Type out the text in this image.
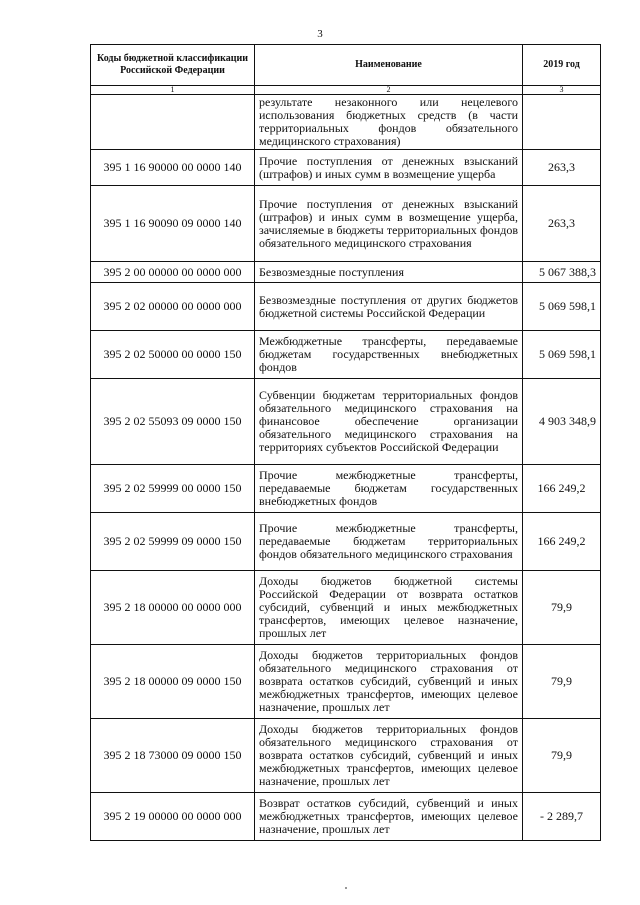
3
Коды бюджетной классификации Российской Федерации	Наименование	2019 год
1	2	3
	результате незаконного или нецелевого использования бюджетных средств (в части территориальных фондов обязательного медицинского страхования)	
395 1 16 90000 00 0000 140	Прочие поступления от денежных взысканий (штрафов) и иных сумм в возмещение ущерба	263,3
395 1 16 90090 09 0000 140	Прочие поступления от денежных взысканий (штрафов) и иных сумм в возмещение ущерба, зачисляемые в бюджеты территориальных фондов обязательного медицинского страхования	263,3
395 2 00 00000 00 0000 000	Безвозмездные поступления	5 067 388,3
395 2 02 00000 00 0000 000	Безвозмездные поступления от других бюджетов бюджетной системы Российской Федерации	5 069 598,1
395 2 02 50000 00 0000 150	Межбюджетные трансферты, передаваемые бюджетам государственных внебюджетных фондов	5 069 598,1
395 2 02 55093 09 0000 150	Субвенции бюджетам территориальных фондов обязательного медицинского страхования на финансовое обеспечение организации обязательного медицинского страхования на территориях субъектов Российской Федерации	4 903 348,9
395 2 02 59999 00 0000 150	Прочие межбюджетные трансферты, передаваемые бюджетам государственных внебюджетных фондов	166 249,2
395 2 02 59999 09 0000 150	Прочие межбюджетные трансферты, передаваемые бюджетам территориальных фондов обязательного медицинского страхования	166 249,2
395 2 18 00000 00 0000 000	Доходы бюджетов бюджетной системы Российской Федерации от возврата остатков субсидий, субвенций и иных межбюджетных трансфертов, имеющих целевое назначение, прошлых лет	79,9
395 2 18 00000 09 0000 150	Доходы бюджетов территориальных фондов обязательного медицинского страхования от возврата остатков субсидий, субвенций и иных межбюджетных трансфертов, имеющих целевое назначение, прошлых лет	79,9
395 2 18 73000 09 0000 150	Доходы бюджетов территориальных фондов обязательного медицинского страхования от возврата остатков субсидий, субвенций и иных межбюджетных трансфертов, имеющих целевое назначение, прошлых лет	79,9
395 2 19 00000 00 0000 000	Возврат остатков субсидий, субвенций и иных межбюджетных трансфертов, имеющих целевое назначение, прошлых лет	- 2 289,7
